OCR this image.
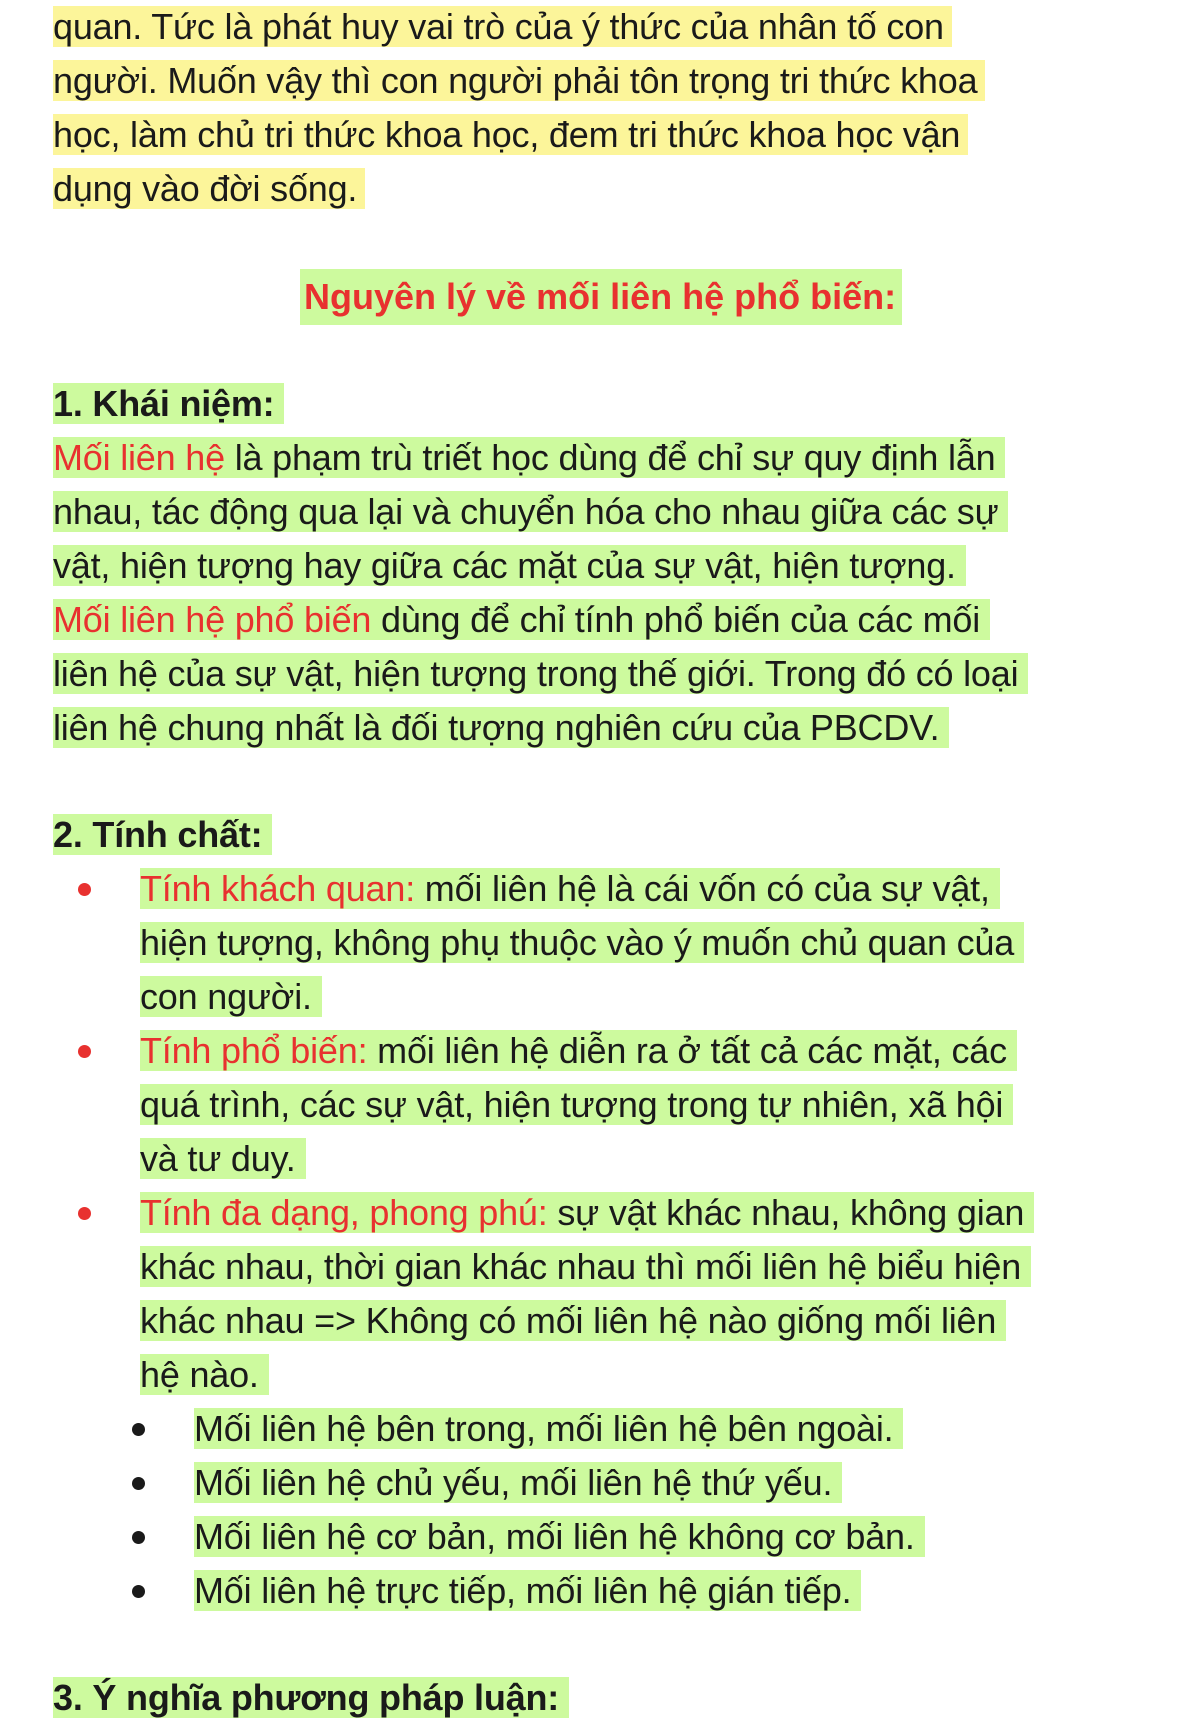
quan. Tức là phát huy vai trò của ý thức của nhân tố con
người. Muốn vậy thì con người phải tôn trọng tri thức khoa
học, làm chủ tri thức khoa học, đem tri thức khoa học vận
dụng vào đời sống.
Nguyên lý về mối liên hệ phổ biến:
1. Khái niệm:
Mối liên hệ là phạm trù triết học dùng để chỉ sự quy định lẫn
nhau, tác động qua lại và chuyển hóa cho nhau giữa các sự
vật, hiện tượng hay giữa các mặt của sự vật, hiện tượng.
Mối liên hệ phổ biến dùng để chỉ tính phổ biến của các mối
liên hệ của sự vật, hiện tượng trong thế giới. Trong đó có loại
liên hệ chung nhất là đối tượng nghiên cứu của PBCDV.
2. Tính chất:
Tính khách quan: mối liên hệ là cái vốn có của sự vật,
hiện tượng, không phụ thuộc vào ý muốn chủ quan của
con người.
Tính phổ biến: mối liên hệ diễn ra ở tất cả các mặt, các
quá trình, các sự vật, hiện tượng trong tự nhiên, xã hội
và tư duy.
Tính đa dạng, phong phú: sự vật khác nhau, không gian
khác nhau, thời gian khác nhau thì mối liên hệ biểu hiện
khác nhau => Không có mối liên hệ nào giống mối liên
hệ nào.
Mối liên hệ bên trong, mối liên hệ bên ngoài.
Mối liên hệ chủ yếu, mối liên hệ thứ yếu.
Mối liên hệ cơ bản, mối liên hệ không cơ bản.
Mối liên hệ trực tiếp, mối liên hệ gián tiếp.
3. Ý nghĩa phương pháp luận:
